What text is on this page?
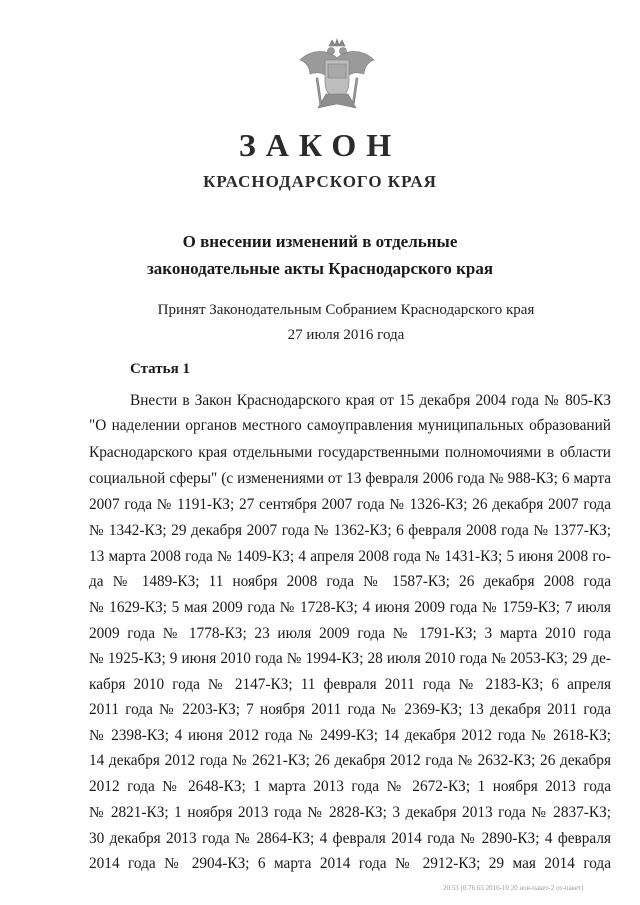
ЗАКОН
КРАСНОДАРСКОГО КРАЯ
О внесении изменений в отдельные
законодательные акты Краснодарского края
Принят Законодательным Собранием Краснодарского края
27 июля 2016 года
Статья 1
Внести в Закон Краснодарского края от 15 декабря 2004 года № 805-КЗ
"О наделении органов местного самоуправления муниципальных образований
Краснодарского края отдельными государственными полномочиями в области
социальной сферы" (с изменениями от 13 февраля 2006 года № 988-КЗ; 6 марта
2007 года № 1191-КЗ; 27 сентября 2007 года № 1326-КЗ; 26 декабря 2007 года
№ 1342-КЗ; 29 декабря 2007 года № 1362-КЗ; 6 февраля 2008 года № 1377-КЗ;
13 марта 2008 года № 1409-КЗ; 4 апреля 2008 года № 1431-КЗ; 5 июня 2008 го-
да № 1489-КЗ; 11 ноября 2008 года № 1587-КЗ; 26 декабря 2008 года
№ 1629-КЗ; 5 мая 2009 года № 1728-КЗ; 4 июня 2009 года № 1759-КЗ; 7 июля
2009 года № 1778-КЗ; 23 июля 2009 года № 1791-КЗ; 3 марта 2010 года
№ 1925-КЗ; 9 июня 2010 года № 1994-КЗ; 28 июля 2010 года № 2053-КЗ; 29 де-
кабря 2010 года № 2147-КЗ; 11 февраля 2011 года № 2183-КЗ; 6 апреля
2011 года № 2203-КЗ; 7 ноября 2011 года № 2369-КЗ; 13 декабря 2011 года
№ 2398-КЗ; 4 июня 2012 года № 2499-КЗ; 14 декабря 2012 года № 2618-КЗ;
14 декабря 2012 года № 2621-КЗ; 26 декабря 2012 года № 2632-КЗ; 26 декабря
2012 года № 2648-КЗ; 1 марта 2013 года № 2672-КЗ; 1 ноября 2013 года
№ 2821-КЗ; 1 ноября 2013 года № 2828-КЗ; 3 декабря 2013 года № 2837-КЗ;
30 декабря 2013 года № 2864-КЗ; 4 февраля 2014 года № 2890-КЗ; 4 февраля
2014 года № 2904-КЗ; 6 марта 2014 года № 2912-КЗ; 29 мая 2014 года
20.53 (0.76.65 2016-10 20 нов-пакет-2 от-пакет)
